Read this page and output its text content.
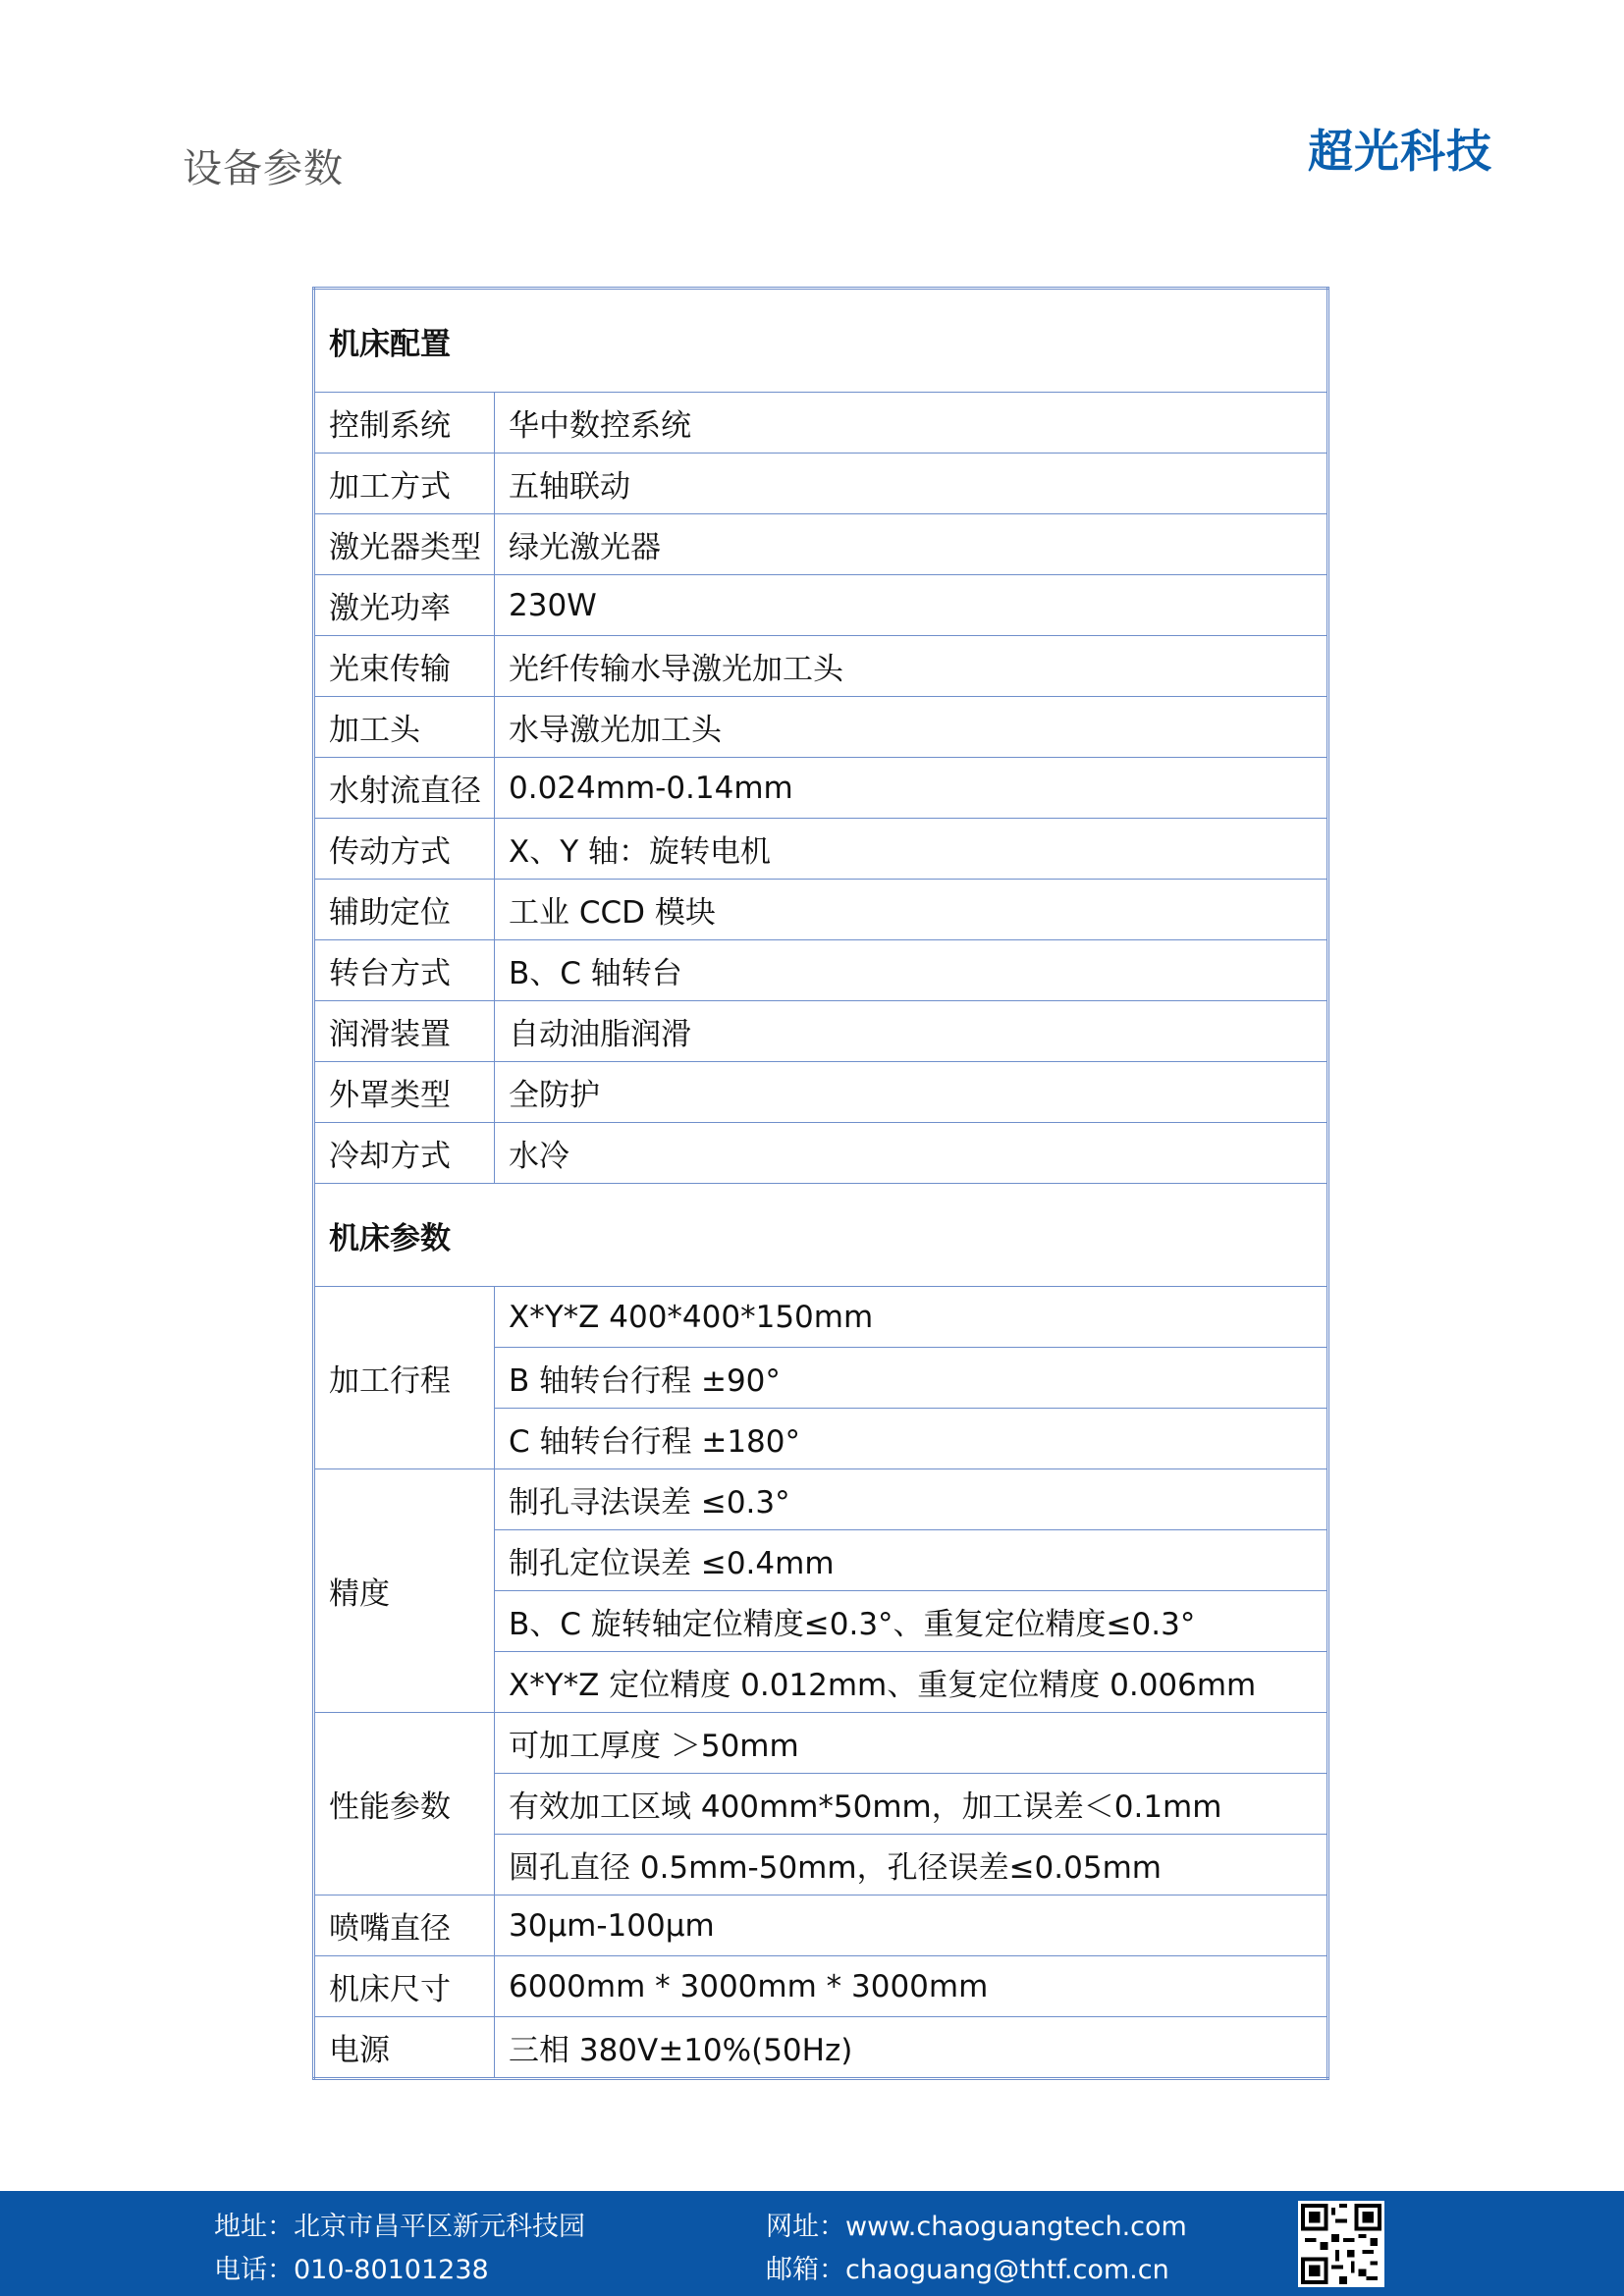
设备参数	超光科技
机床配置	
控制系统	华中数控系统
加工方式	五轴联动
激光器类型	绿光激光器
激光功率	230W
光束传输	光纤传输水导激光加工头
加工头	水导激光加工头
水射流直径	0.024mm-0.14mm
传动方式	X、Y 轴：旋转电机
辅助定位	工业 CCD 模块
转台方式	B、C 轴转台
润滑装置	自动油脂润滑
外罩类型	全防护
冷却方式	水冷
机床参数	
加工行程	X*Y*Z 400*400*150mm
	B 轴转台行程 ±90°
	C 轴转台行程 ±180°
精度	制孔寻法误差 ≤0.3°
	制孔定位误差 ≤0.4mm
	B、C 旋转轴定位精度≤0.3°、重复定位精度≤0.3°
	X*Y*Z 定位精度 0.012mm、重复定位精度 0.006mm
性能参数	可加工厚度 ＞50mm
	有效加工区域 400mm*50mm，加工误差＜0.1mm
	圆孔直径 0.5mm-50mm，孔径误差≤0.05mm
喷嘴直径	30μm-100μm
机床尺寸	6000mm * 3000mm * 3000mm
电源	三相 380V±10%(50Hz)
地址：北京市昌平区新元科技园
电话：010-80101238
网址：www.chaoguangtech.com
邮箱：chaoguang@thtf.com.cn
